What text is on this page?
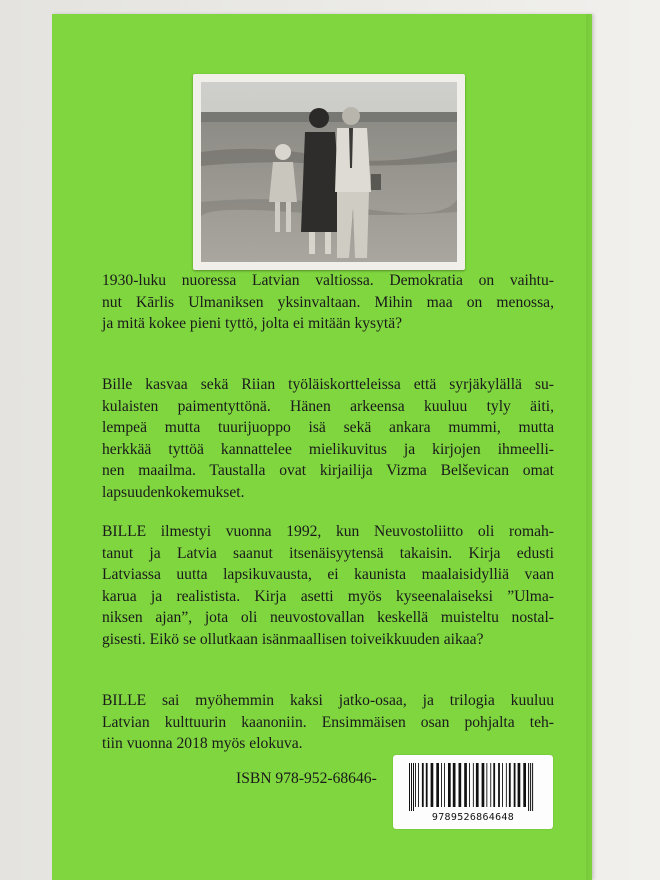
1930-luku nuoressa Latvian valtiossa. Demokratia on vaihtu-
nut Kārlis Ulmaniksen yksinvaltaan. Mihin maa on menossa,
ja mitä kokee pieni tyttö, jolta ei mitään kysytä?
Bille kasvaa sekä Riian työläiskortteleissa että syrjäkylällä su-
kulaisten paimentyttönä. Hänen arkeensa kuuluu tyly äiti,
lempeä mutta tuurijuoppo isä sekä ankara mummi, mutta
herkkää tyttöä kannattelee mielikuvitus ja kirjojen ihmeelli-
nen maailma. Taustalla ovat kirjailija Vizma Belševican omat
lapsuudenkokemukset.
BILLE ilmestyi vuonna 1992, kun Neuvostoliitto oli romah-
tanut ja Latvia saanut itsenäisyytensä takaisin. Kirja edusti
Latviassa uutta lapsikuvausta, ei kaunista maalaisidylliä vaan
karua ja realistista. Kirja asetti myös kyseenalaiseksi ”Ulma-
niksen ajan”, jota oli neuvostovallan keskellä muisteltu nostal-
gisesti. Eikö se ollutkaan isänmaallisen toiveikkuuden aikaa?
BILLE sai myöhemmin kaksi jatko-osaa, ja trilogia kuuluu
Latvian kulttuurin kaanoniin. Ensimmäisen osan pohjalta teh-
tiin vuonna 2018 myös elokuva.
ISBN 978-952-68646-
9789526864648
